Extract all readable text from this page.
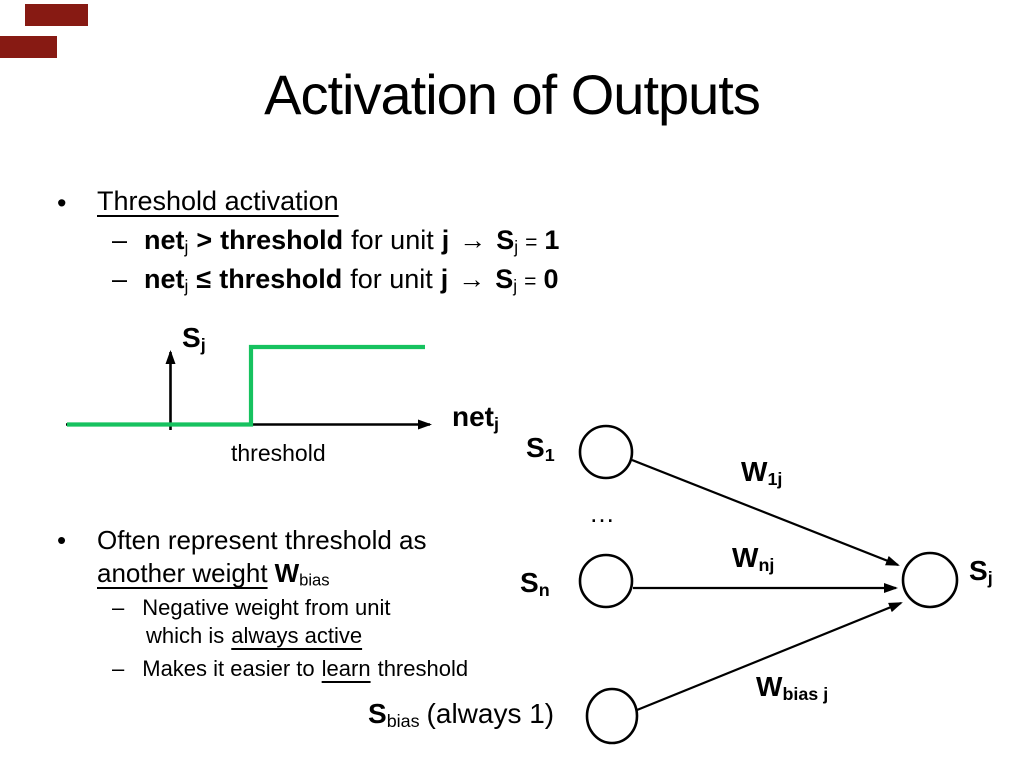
Activation of Outputs
• Threshold activation
– net$_j$ > threshold for unit $j \to S_j = 1$
– net$_j$ ≤ threshold for unit $j \to S_j = 0$
$S_j$
net$_j$
threshold
• Often represent threshold as
another weight $W_{bias}$
– Negative weight from unit
which is always active
– Makes it easier to learn threshold
$S_1$
…
$S_n$
$W_{1j}$
$W_{nj}$	$S_j$
$W_{bias j}$
$S_{bias}$ (always 1)
